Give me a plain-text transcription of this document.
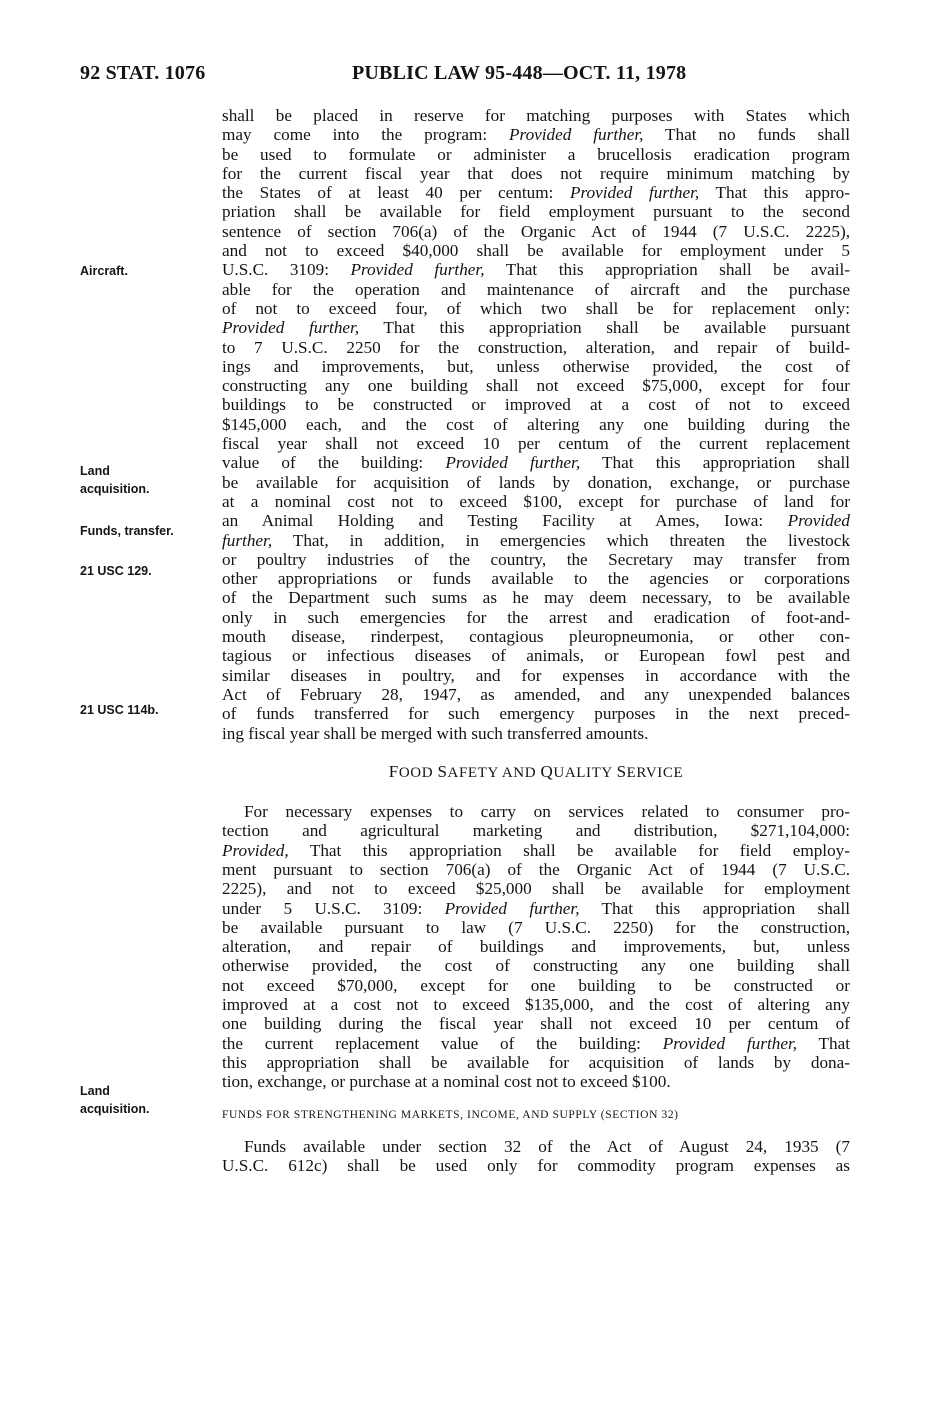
92 STAT. 1076	PUBLIC LAW 95-448—OCT. 11, 1978
Aircraft.
Land
acquisition.
Funds, transfer.
21 USC 129.
21 USC 114b.
Land
acquisition.
shall be placed in reserve for matching purposes with States which
may come into the program: Provided further, That no funds shall
be used to formulate or administer a brucellosis eradication program
for the current fiscal year that does not require minimum matching by
the States of at least 40 per centum: Provided further, That this appro-
priation shall be available for field employment pursuant to the second
sentence of section 706(a) of the Organic Act of 1944 (7 U.S.C. 2225),
and not to exceed $40,000 shall be available for employment under 5
U.S.C. 3109: Provided further, That this appropriation shall be avail-
able for the operation and maintenance of aircraft and the purchase
of not to exceed four, of which two shall be for replacement only:
Provided further, That this appropriation shall be available pursuant
to 7 U.S.C. 2250 for the construction, alteration, and repair of build-
ings and improvements, but, unless otherwise provided, the cost of
constructing any one building shall not exceed $75,000, except for four
buildings to be constructed or improved at a cost of not to exceed
$145,000 each, and the cost of altering any one building during the
fiscal year shall not exceed 10 per centum of the current replacement
value of the building: Provided further, That this appropriation shall
be available for acquisition of lands by donation, exchange, or purchase
at a nominal cost not to exceed $100, except for purchase of land for
an Animal Holding and Testing Facility at Ames, Iowa: Provided
further, That, in addition, in emergencies which threaten the livestock
or poultry industries of the country, the Secretary may transfer from
other appropriations or funds available to the agencies or corporations
of the Department such sums as he may deem necessary, to be available
only in such emergencies for the arrest and eradication of foot-and-
mouth disease, rinderpest, contagious pleuropneumonia, or other con-
tagious or infectious diseases of animals, or European fowl pest and
similar diseases in poultry, and for expenses in accordance with the
Act of February 28, 1947, as amended, and any unexpended balances
of funds transferred for such emergency purposes in the next preced-
ing fiscal year shall be merged with such transferred amounts.
FOOD SAFETY AND QUALITY SERVICE
For necessary expenses to carry on services related to consumer pro-
tection and agricultural marketing and distribution, $271,104,000:
Provided, That this appropriation shall be available for field employ-
ment pursuant to section 706(a) of the Organic Act of 1944 (7 U.S.C.
2225), and not to exceed $25,000 shall be available for employment
under 5 U.S.C. 3109: Provided further, That this appropriation shall
be available pursuant to law (7 U.S.C. 2250) for the construction,
alteration, and repair of buildings and improvements, but, unless
otherwise provided, the cost of constructing any one building shall
not exceed $70,000, except for one building to be constructed or
improved at a cost not to exceed $135,000, and the cost of altering any
one building during the fiscal year shall not exceed 10 per centum of
the current replacement value of the building: Provided further, That
this appropriation shall be available for acquisition of lands by dona-
tion, exchange, or purchase at a nominal cost not to exceed $100.
FUNDS FOR STRENGTHENING MARKETS, INCOME, AND SUPPLY (SECTION 32)
Funds available under section 32 of the Act of August 24, 1935 (7
U.S.C. 612c) shall be used only for commodity program expenses as
